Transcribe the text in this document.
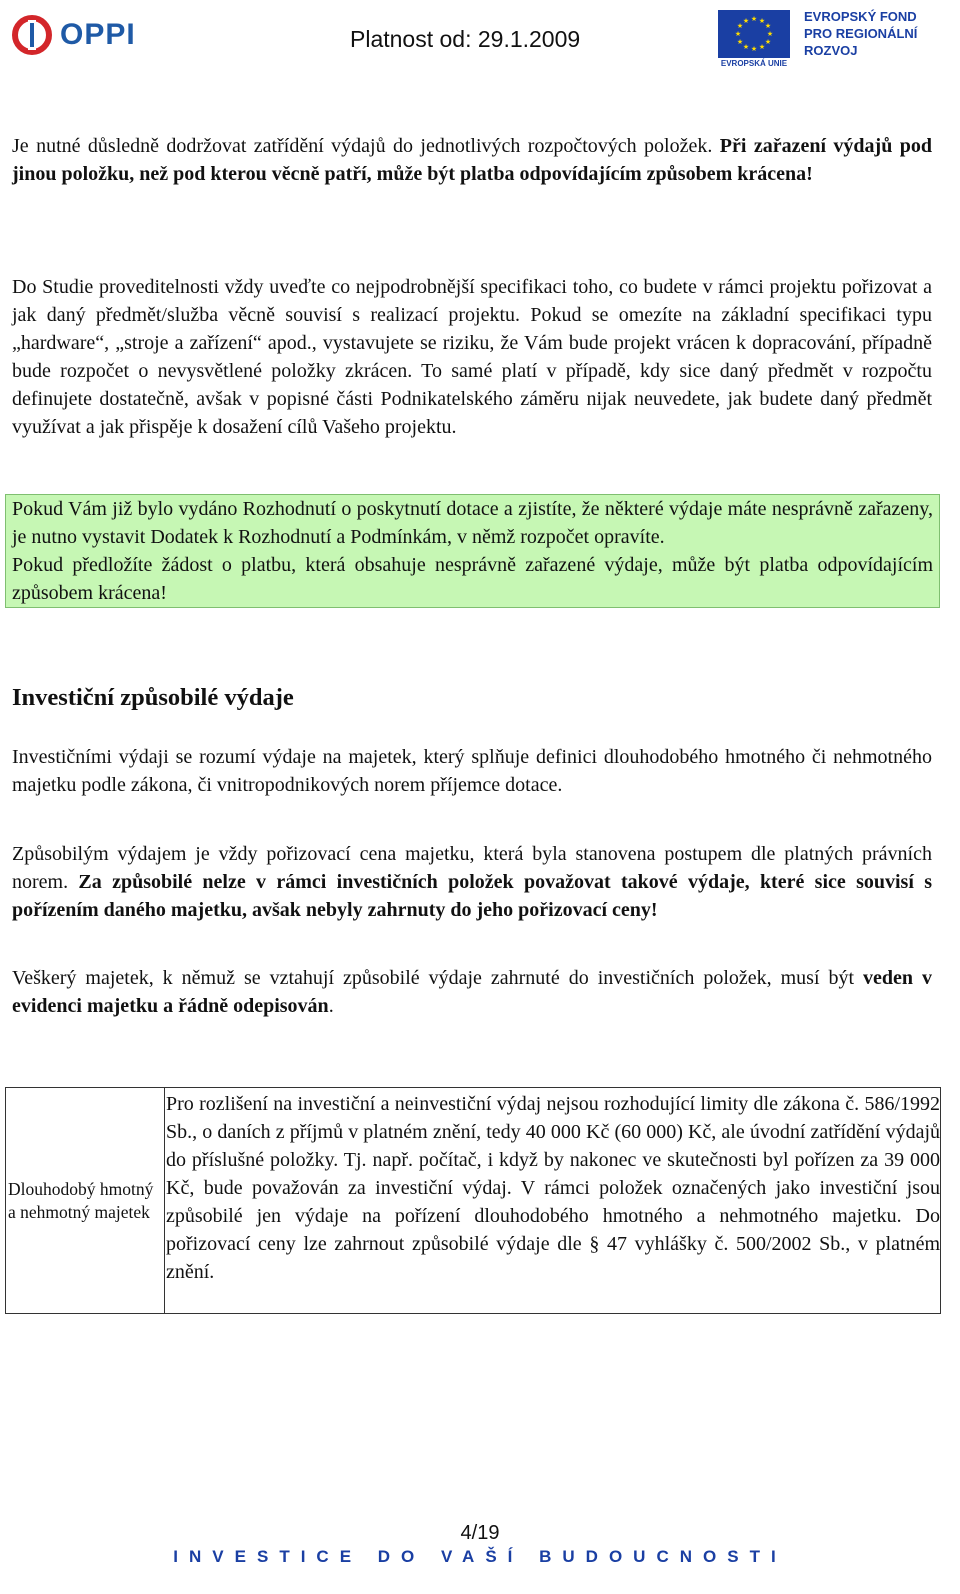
OPPI	Platnost od: 29.1.2009
★ ★
★
★
★
★
★
★
★
★
★
★
EVROPSKÁ UNIE
EVROPSKÝ FOND
PRO REGIONÁLNÍ
ROZVOJ
Je nutné důsledně dodržovat zatřídění výdajů do jednotlivých rozpočtových položek. Při zařazení výdajů pod jinou položku, než pod kterou věcně patří, může být platba odpovídajícím způsobem krácena!
Do Studie proveditelnosti vždy uveďte co nejpodrobnější specifikaci toho, co budete v rámci projektu pořizovat a jak daný předmět/služba věcně souvisí s realizací projektu. Pokud se omezíte na základní specifikaci typu „hardware“, „stroje a zařízení“ apod., vystavujete se riziku, že Vám bude projekt vrácen k dopracování, případně bude rozpočet o nevysvětlené položky zkrácen. To samé platí v případě, kdy sice daný předmět v rozpočtu definujete dostatečně, avšak v popisné části Podnikatelského záměru nijak neuvedete, jak budete daný předmět využívat a jak přispěje k dosažení cílů Vašeho projektu.
Pokud Vám již bylo vydáno Rozhodnutí o poskytnutí dotace a zjistíte, že některé výdaje máte nesprávně zařazeny, je nutno vystavit Dodatek k Rozhodnutí a Podmínkám, v němž rozpočet opravíte.
Pokud předložíte žádost o platbu, která obsahuje nesprávně zařazené výdaje, může být platba odpovídajícím způsobem krácena!
Investiční způsobilé výdaje
Investičními výdaji se rozumí výdaje na majetek, který splňuje definici dlouhodobého hmotného či nehmotného majetku podle zákona, či vnitropodnikových norem příjemce dotace.
Způsobilým výdajem je vždy pořizovací cena majetku, která byla stanovena postupem dle platných právních norem. Za způsobilé nelze v rámci investičních položek považovat takové výdaje, které sice souvisí s pořízením daného majetku, avšak nebyly zahrnuty do jeho pořizovací ceny!
Veškerý majetek, k němuž se vztahují způsobilé výdaje zahrnuté do investičních položek, musí být veden v evidenci majetku a řádně odepisován.
Dlouhodobý hmotný a nehmotný majetek
Pro rozlišení na investiční a neinvestiční výdaj nejsou rozhodující limity dle zákona č. 586/1992 Sb., o daních z příjmů v platném znění, tedy 40 000 Kč (60 000) Kč, ale úvodní zatřídění výdajů do příslušné položky. Tj. např. počítač, i když by nakonec ve skutečnosti byl pořízen za 39 000 Kč, bude považován za investiční výdaj. V rámci položek označených jako investiční jsou způsobilé jen výdaje na pořízení dlouhodobého hmotného a nehmotného majetku. Do pořizovací ceny lze zahrnout způsobilé výdaje dle § 47 vyhlášky č. 500/2002 Sb., v platném znění.
4/19
INVESTICE DO VAŠÍ BUDOUCNOSTI
